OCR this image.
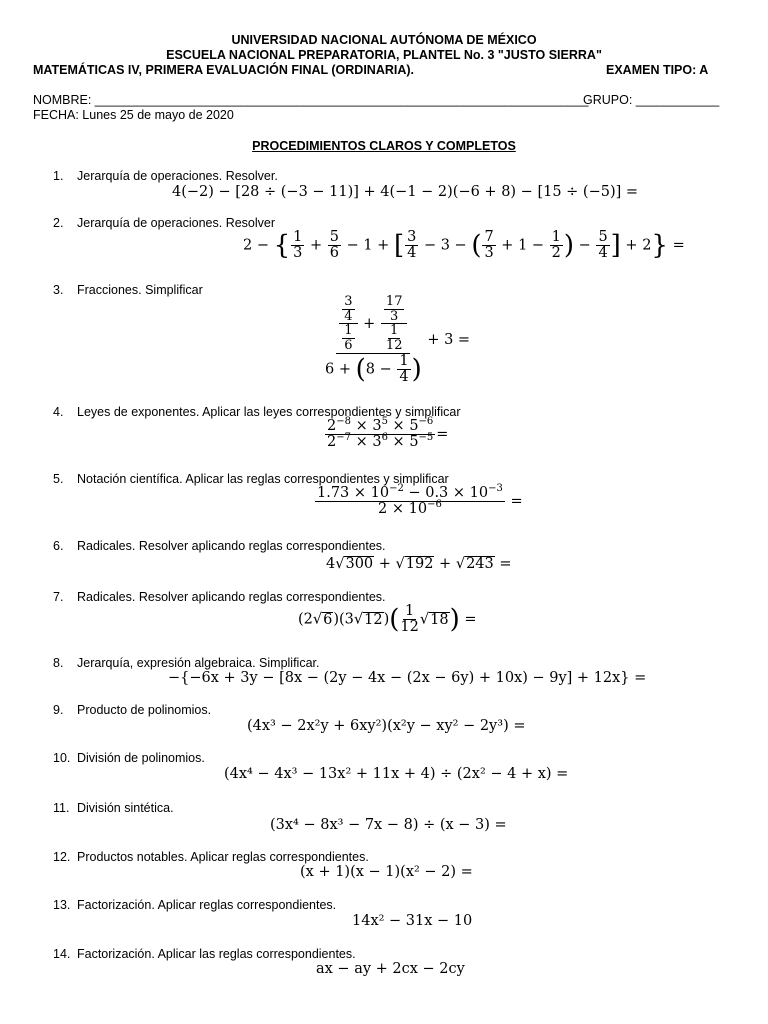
UNIVERSIDAD NACIONAL AUTÓNOMA DE MÉXICO
ESCUELA NACIONAL PREPARATORIA, PLANTEL No. 3 "JUSTO SIERRA"
MATEMÁTICAS IV, PRIMERA EVALUACIÓN FINAL (ORDINARIA).	EXAMEN TIPO: A
NOMBRE: _______________________________________________________________________
GRUPO: ____________
FECHA: Lunes 25 de mayo de 2020
PROCEDIMIENTOS CLAROS Y COMPLETOS
1. Jerarquía de operaciones. Resolver.
4(−2) − [28 ÷ (−3 − 11)] + 4(−1 − 2)(−6 + 8) − [15 ÷ (−5)] =
2. Jerarquía de operaciones. Resolver
2 − { $\frac{1}{3} + \frac{5}{6} - 1$ + [ $\frac{3}{4} - 3$ − ( $\frac{7}{3} + 1 - \frac{1}{2}$ ) − $\frac{5}{4}$ ] + 2} =
3. Fracciones. Simplificar
$\frac{\frac{\frac{3}{4}}{\frac{1}{6}} + \frac{\frac{17}{3}}{\frac{1}{12}}}{6 + (8 - \frac{1}{4} )} + 3$ =
4. Leyes de exponentes. Aplicar las leyes correspondientes y simplificar
$\frac{2^{-8} \times 3^5 \times 5^{-6}}{2^{-7} \times 3^6 \times 5^{-5}}$ =
5. Notación científica. Aplicar las reglas correspondientes y simplificar
$\frac{1.73 \times 10^{-2} - 0.3 \times 10^{-3}}{2 \times 10^{-6}}$ =
6. Radicales. Resolver aplicando reglas correspondientes.
4√300 + √192 + √243 =
7. Radicales. Resolver aplicando reglas correspondientes.
$(2√6)(3√12)( \frac{1}{12} √18)$ =
8. Jerarquía, expresión algebraica. Simplificar.
−{−6x + 3y − [8x − (2y − 4x − (2x − 6y) + 10x) − 9y] + 12x} =
9. Producto de polinomios.
(4x³ − 2x²y + 6xy²)(x²y − xy² − 2y³) =
10. División de polinomios.
(4x⁴ − 4x³ − 13x² + 11x + 4) ÷ (2x² − 4 + x) =
11. División sintética.
(3x⁴ − 8x³ − 7x − 8) ÷ (x − 3) =
12. Productos notables. Aplicar reglas correspondientes.
(x + 1)(x − 1)(x² − 2) =
13. Factorización. Aplicar reglas correspondientes.
14x² − 31x − 10
14. Factorización. Aplicar las reglas correspondientes.
ax − ay + 2cx − 2cy
